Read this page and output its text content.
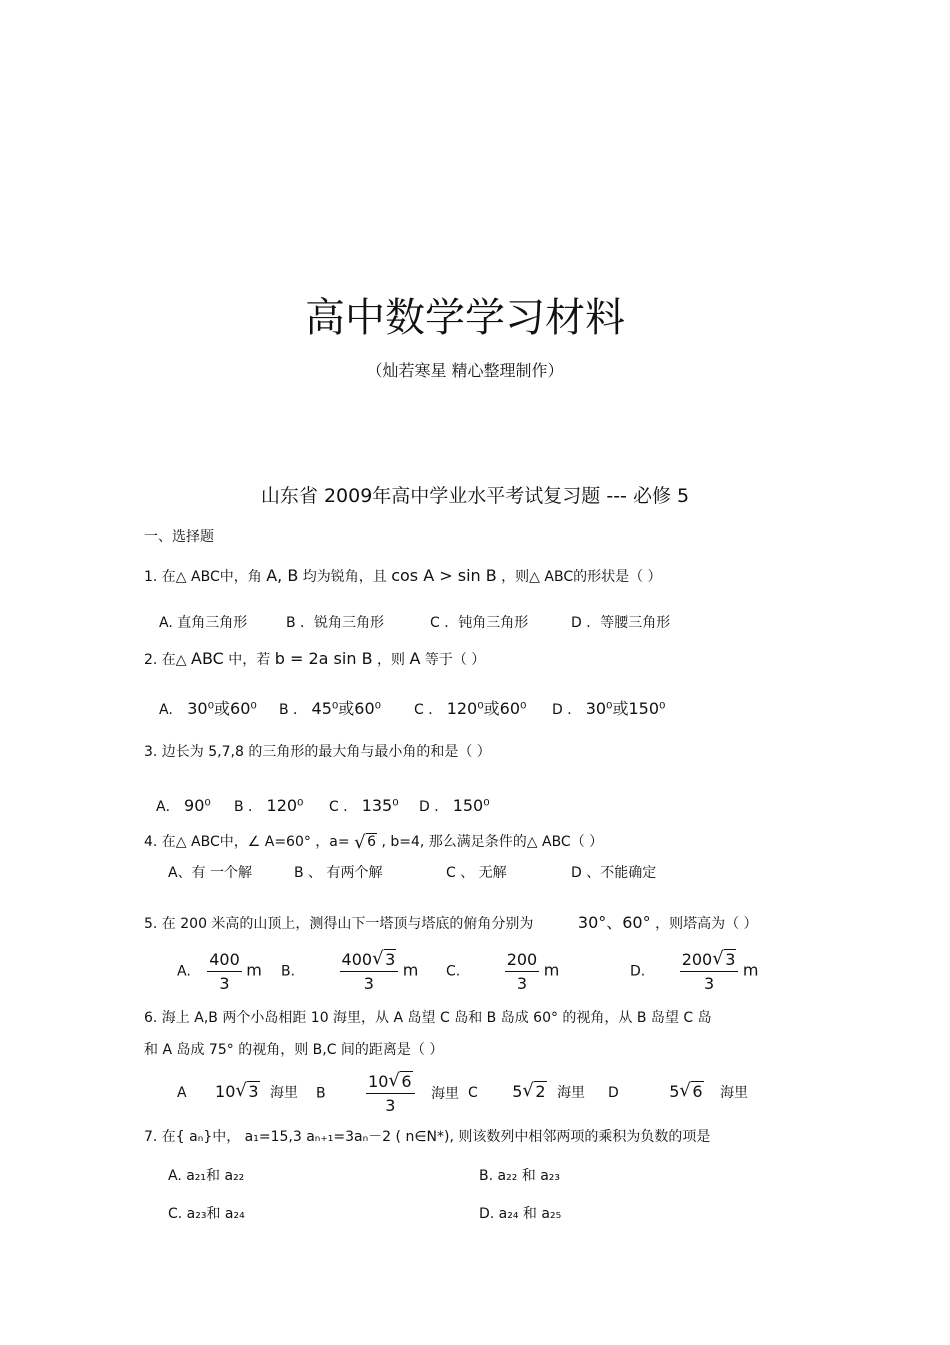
高中数学学习材料
（灿若寒星 精心整理制作）
山东省 2009年高中学业水平考试复习题 --- 必修 5
一、选择题
1. 在△ ABC中，角 A, B 均为锐角，且 cos A > sin B ，则△ ABC的形状是（ ）
A. 直角三角形	B ．锐角三角形	C ．钝角三角形	D ．等腰三角形
2. 在△ ABC 中，若 b = 2a sin B ，则 A 等于（ ）
A. 30⁰或60⁰ B ． 45⁰或60⁰ C ． 120⁰或60⁰ D ． 30⁰或150⁰
3. 边长为 5,7,8 的三角形的最大角与最小角的和是（ ）
A． 90⁰ B ． 120⁰ C ． 135⁰ D ． 150⁰
4. 在△ ABC中，∠ A=60° ，a= √ 6 , b=4, 那么满足条件的△ ABC（ ）
A、有 一个解	B 、 有两个解	C 、 无解	D 、不能确定
5. 在 200 米高的山顶上，测得山下一塔顶与塔底的俯角分别为	30°、60° ，则塔高为（ ）
A. $\frac{400}{3}$ m B.	$\frac{400 √ 3}{3}$ m C.	$\frac{200}{3}$ m	D. $\frac{200 √ 3}{3}$ m
6. 海上 A,B 两个小岛相距 10 海里，从 A 岛望 C 岛和 B 岛成 60° 的视角，从 B 岛望 C 岛
和 A 岛成 75° 的视角，则 B,C 间的距离是（ ）
A 10 √ 3 海里 B	$\frac{10 √ 6}{3}$ 海里 C 5 √ 2 海里 D	5 √ 6 海里
7. 在{ aₙ}中， a₁=15,3 aₙ₊₁=3aₙ－2 ( n∈N*), 则该数列中相邻两项的乘积为负数的项是
A. a₂₁和 a₂₂	B. a₂₂ 和 a₂₃
C. a₂₃和 a₂₄	D. a₂₄ 和 a₂₅
